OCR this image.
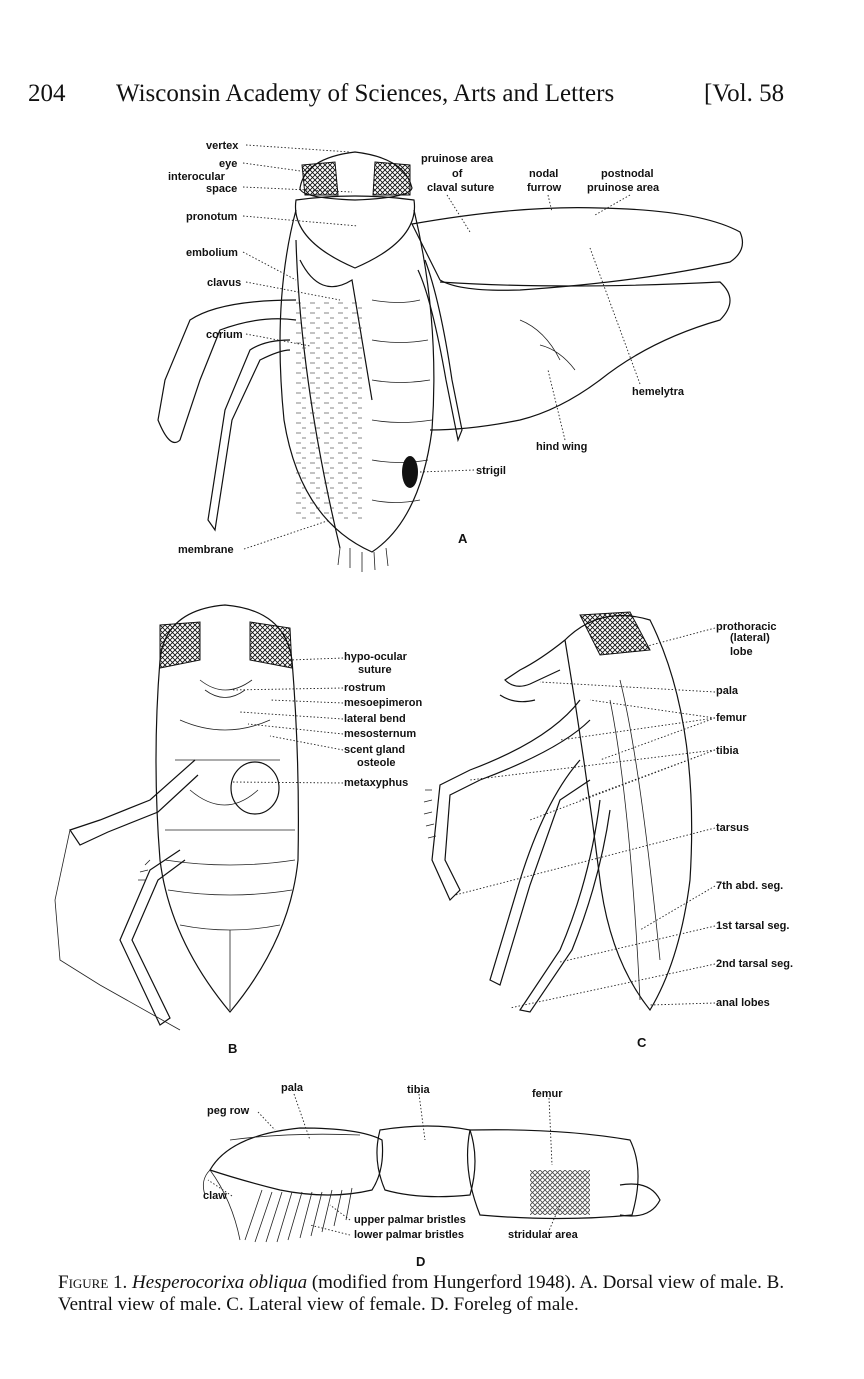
204 Wisconsin Academy of Sciences, Arts and Letters	[Vol. 58
vertex
eye
interocular
space
pronotum
embolium
clavus
corium
membrane
pruinose area
of
claval suture
nodal
furrow
postnodal
pruinose area
hemelytra
hind wing
strigil
A
hypo-ocular
suture
rostrum
mesoepimeron
lateral bend
mesosternum
scent gland
osteole
metaxyphus
B
prothoracic
(lateral)
lobe
pala
femur
tibia
tarsus
7th abd. seg.
1st tarsal seg.
2nd tarsal seg.
anal lobes
C
pala	tibia	femur
peg row
claw
upper palmar bristles
lower palmar bristles	stridular area
D
Figure 1. Hesperocorixa obliqua (modified from Hungerford 1948). A. Dorsal view of male. B. Ventral view of male. C. Lateral view of female. D. Foreleg of male.
